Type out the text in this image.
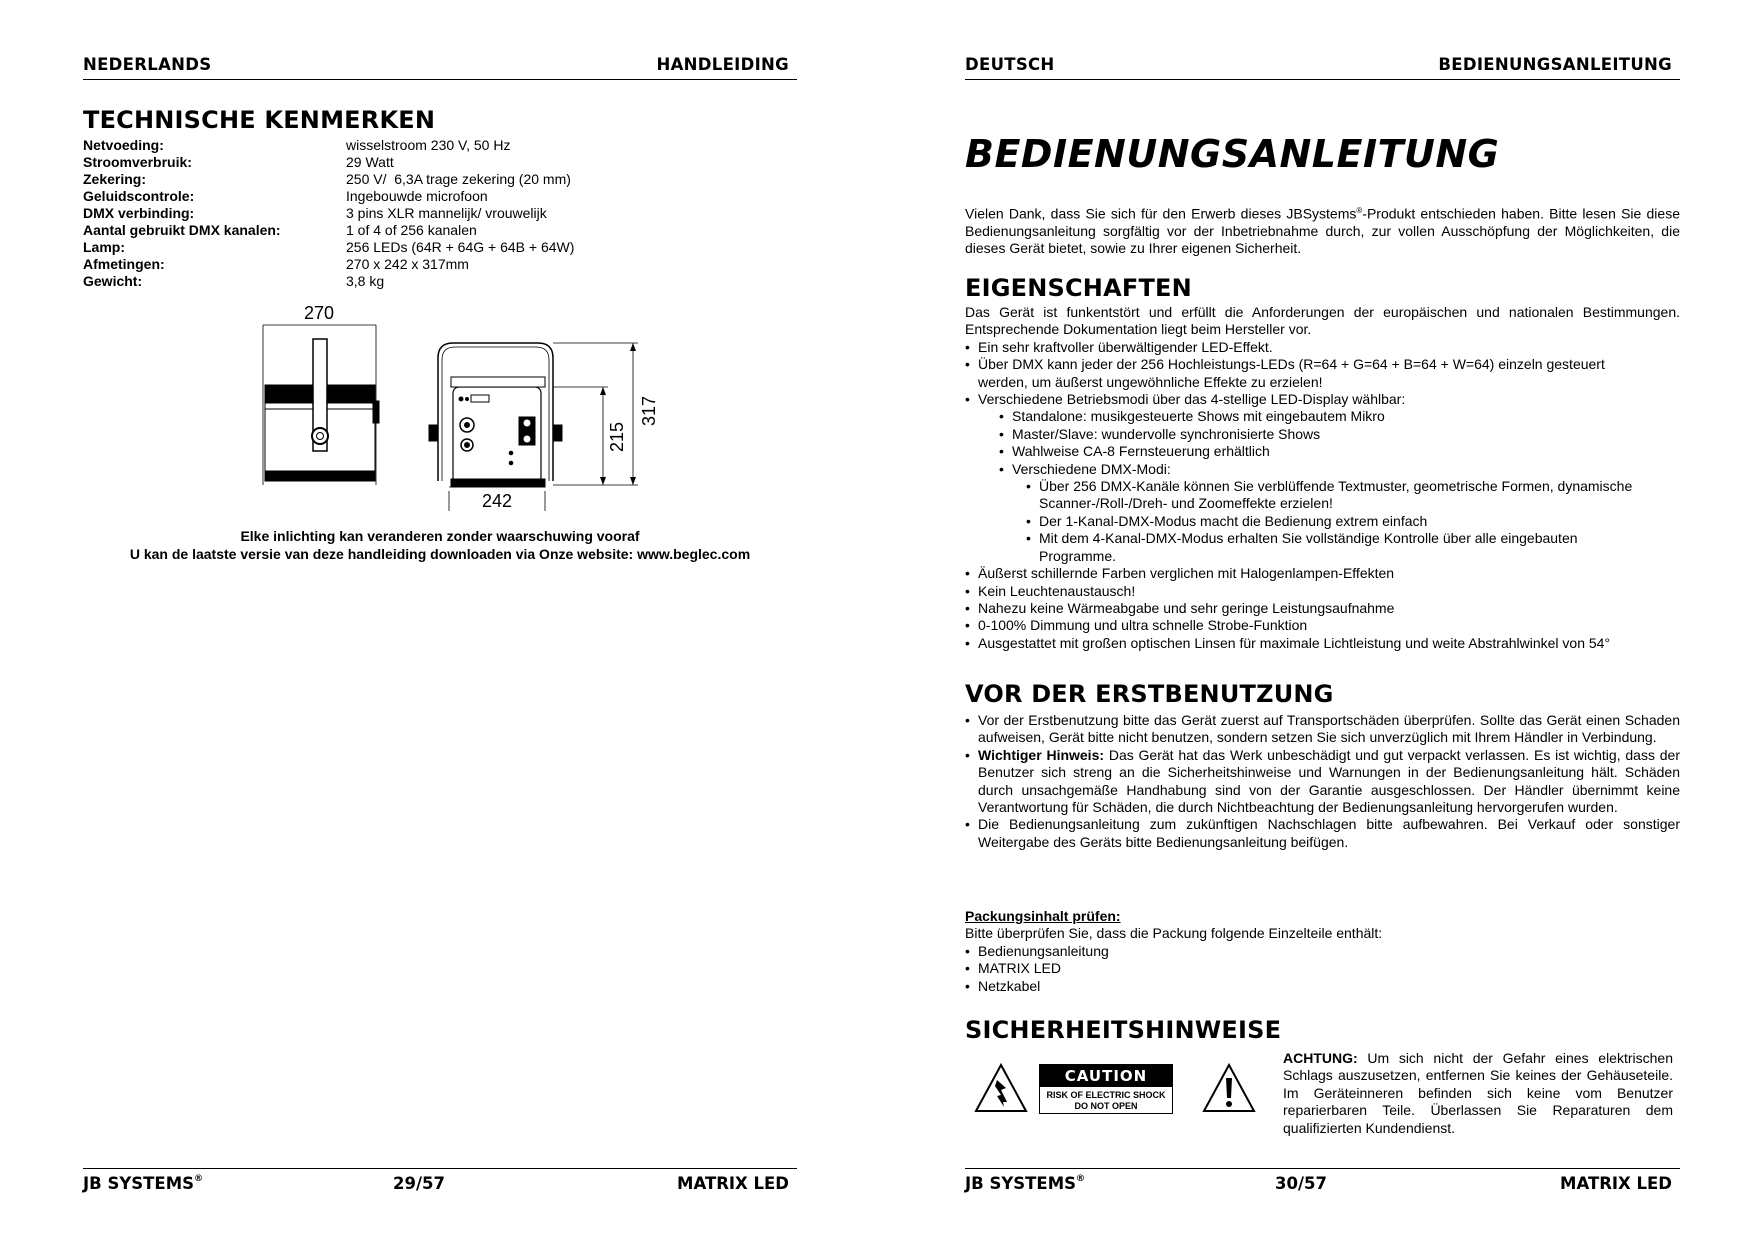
NEDERLANDS	HANDLEIDING
TECHNISCHE KENMERKEN
Netvoeding:	wisselstroom 230 V, 50 Hz
Stroomverbruik:	29 Watt
Zekering:	250 V/  6,3A trage zekering (20 mm)
Geluidscontrole:	Ingebouwde microfoon
DMX verbinding:	3 pins XLR mannelijk/ vrouwelijk
Aantal gebruikt DMX kanalen:	1 of 4 of 256 kanalen
Lamp:	256 LEDs (64R + 64G + 64B + 64W)
Afmetingen:	270 x 242 x 317mm
Gewicht:	3,8 kg
270
242
215
317
Elke inlichting kan veranderen zonder waarschuwing vooraf
U kan de laatste versie van deze handleiding downloaden via Onze website: www.beglec.com
JB SYSTEMS®	29/57	MATRIX LED
DEUTSCH	BEDIENUNGSANLEITUNG
BEDIENUNGSANLEITUNG
Vielen Dank, dass Sie sich für den Erwerb dieses JBSystems®-Produkt entschieden haben. Bitte lesen Sie diese Bedienungsanleitung sorgfältig vor der Inbetriebnahme durch, zur vollen Ausschöpfung der Möglichkeiten, die dieses Gerät bietet, sowie zu Ihrer eigenen Sicherheit.
EIGENSCHAFTEN
Das Gerät ist funkentstört und erfüllt die Anforderungen der europäischen und nationalen Bestimmungen. Entsprechende Dokumentation liegt beim Hersteller vor.
• Ein sehr kraftvoller überwältigender LED-Effekt.
• Über DMX kann jeder der 256 Hochleistungs-LEDs (R=64 + G=64 + B=64 + W=64) einzeln gesteuert werden, um äußerst ungewöhnliche Effekte zu erzielen!
• Verschiedene Betriebsmodi über das 4-stellige LED-Display wählbar:
• Standalone: musikgesteuerte Shows mit eingebautem Mikro
• Master/Slave: wundervolle synchronisierte Shows
• Wahlweise CA-8 Fernsteuerung erhältlich
• Verschiedene DMX-Modi:
• Über 256 DMX-Kanäle können Sie verblüffende Textmuster, geometrische Formen, dynamische Scanner-/Roll-/Dreh- und Zoomeffekte erzielen!
• Der 1-Kanal-DMX-Modus macht die Bedienung extrem einfach
• Mit dem 4-Kanal-DMX-Modus erhalten Sie vollständige Kontrolle über alle eingebauten Programme.
• Äußerst schillernde Farben verglichen mit Halogenlampen-Effekten
• Kein Leuchtenaustausch!
• Nahezu keine Wärmeabgabe und sehr geringe Leistungsaufnahme
• 0-100% Dimmung und ultra schnelle Strobe-Funktion
• Ausgestattet mit großen optischen Linsen für maximale Lichtleistung und weite Abstrahlwinkel von 54°
VOR DER ERSTBENUTZUNG
• Vor der Erstbenutzung bitte das Gerät zuerst auf Transportschäden überprüfen. Sollte das Gerät einen Schaden aufweisen, Gerät bitte nicht benutzen, sondern setzen Sie sich unverzüglich mit Ihrem Händler in Verbindung.
• Wichtiger Hinweis: Das Gerät hat das Werk unbeschädigt und gut verpackt verlassen. Es ist wichtig, dass der Benutzer sich streng an die Sicherheitshinweise und Warnungen in der Bedienungsanleitung hält. Schäden durch unsachgemäße Handhabung sind von der Garantie ausgeschlossen. Der Händler übernimmt keine Verantwortung für Schäden, die durch Nichtbeachtung der Bedienungsanleitung hervorgerufen wurden.
• Die Bedienungsanleitung zum zukünftigen Nachschlagen bitte aufbewahren. Bei Verkauf oder sonstiger Weitergabe des Geräts bitte Bedienungsanleitung beifügen.
Packungsinhalt prüfen:
Bitte überprüfen Sie, dass die Packung folgende Einzelteile enthält:
• Bedienungsanleitung
• MATRIX LED
• Netzkabel
SICHERHEITSHINWEISE
CAUTION
RISK OF ELECTRIC SHOCK
DO NOT OPEN
ACHTUNG: Um sich nicht der Gefahr eines elektrischen Schlags auszusetzen, entfernen Sie keines der Gehäuseteile. Im Geräteinneren befinden sich keine vom Benutzer reparierbaren Teile. Überlassen Sie Reparaturen dem qualifizierten Kundendienst.
JB SYSTEMS®	30/57	MATRIX LED
